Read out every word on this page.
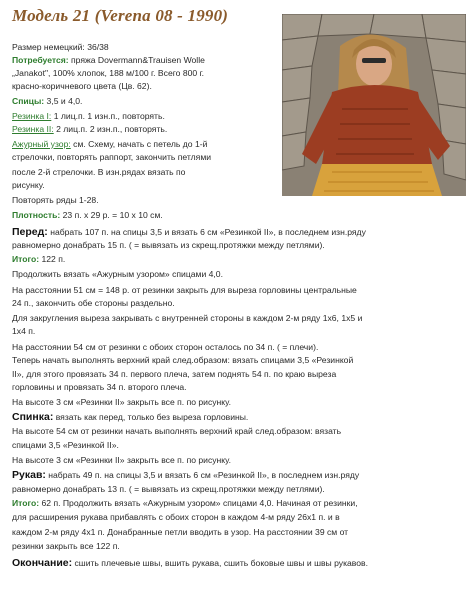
Модель 21 (Verena 08 - 1990)
Размер немецкий: 36/38
Потребуется: пряжа Dovermann&Trauisen Wolle
„Janakot", 100% хлопок, 188 м/100 г. Всего 800 г.
красно-коричневого цвета (Цв. 62).
Спицы: 3,5 и 4,0.
Резинка I: 1 лиц.п. 1 изн.п., повторять.
Резинка II: 2 лиц.п. 2 изн.п., повторять.
Ажурный узор: см. Схему, начать с петель до 1-й
стрелочки, повторять раппорт, закончить петлями
после 2-й стрелочки. В изн.рядах вязать по
рисунку.
Повторять ряды 1-28.
Плотность: 23 п. х 29 р. = 10 х 10 см.
Перед: набрать 107 п. на спицы 3,5 и вязать 6 см «Резинкой II», в последнем изн.ряду
равномерно донабрать 15 п. ( = вывязать из скрещ.протяжки между петлями).
Итого: 122 п.
Продолжить вязать «Ажурным узором» спицами 4,0.
На расстоянии 51 см = 148 р. от резинки закрыть для выреза горловины центральные
24 п., закончить обе стороны раздельно.
Для закругления выреза закрывать с внутренней стороны в каждом 2-м ряду 1х6, 1х5 и
1х4 п.
На расстоянии 54 см от резинки с обоих сторон осталось по 34 п. ( = плечи).
Теперь начать выполнять верхний край след.образом: вязать спицами 3,5 «Резинкой
II», для этого провязать 34 п. первого плеча, затем поднять 54 п. по краю выреза
горловины и провязать 34 п. второго плеча.
На высоте 3 см «Резинки II» закрыть все п. по рисунку.
Спинка: вязать как перед, только без выреза горловины.
На высоте 54 см от резинки начать выполнять верхний край след.образом: вязать
спицами 3,5 «Резинкой II».
На высоте 3 см «Резинки II» закрыть все п. по рисунку.
Рукав: набрать 49 п. на спицы 3,5 и вязать 6 см «Резинкой II», в последнем изн.ряду
равномерно донабрать 13 п. ( = вывязать из скрещ.протяжки между петлями).
Итого: 62 п. Продолжить вязать «Ажурным узором» спицами 4,0. Начиная от резинки,
для расширения рукава прибавлять с обоих сторон в каждом 4-м ряду 26х1 п. и в
каждом 2-м ряду 4х1 п. Донабранные петли вводить в узор. На расстоянии 39 см от
резинки закрыть все 122 п.
Окончание: сшить плечевые швы, вшить рукава, сшить боковые швы и швы рукавов.
